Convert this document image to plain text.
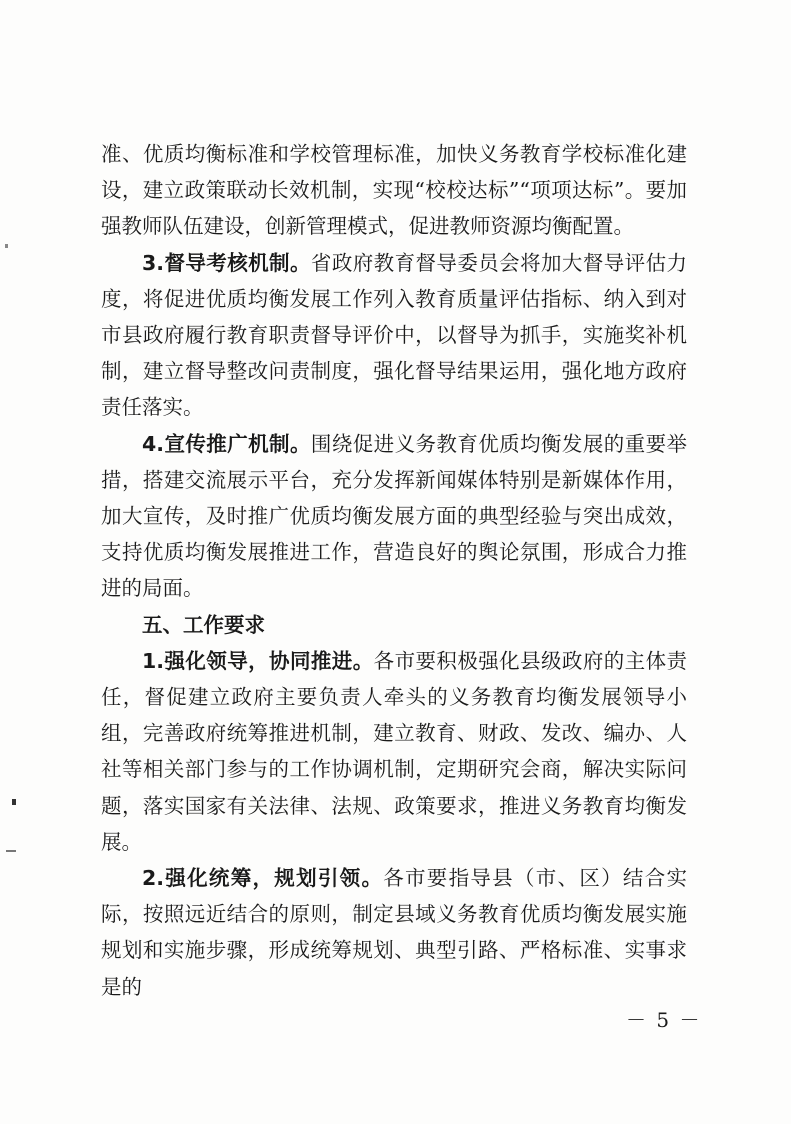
准、优质均衡标准和学校管理标准，加快义务教育学校标准化建设，建立政策联动长效机制，实现“校校达标”“项项达标”。要加强教师队伍建设，创新管理模式，促进教师资源均衡配置。

3.督导考核机制。省政府教育督导委员会将加大督导评估力度，将促进优质均衡发展工作列入教育质量评估指标、纳入到对市县政府履行教育职责督导评价中，以督导为抓手，实施奖补机制，建立督导整改问责制度，强化督导结果运用，强化地方政府责任落实。

4.宣传推广机制。围绕促进义务教育优质均衡发展的重要举措，搭建交流展示平台，充分发挥新闻媒体特别是新媒体作用，加大宣传，及时推广优质均衡发展方面的典型经验与突出成效，支持优质均衡发展推进工作，营造良好的舆论氛围，形成合力推进的局面。

五、工作要求

1.强化领导，协同推进。各市要积极强化县级政府的主体责任，督促建立政府主要负责人牵头的义务教育均衡发展领导小组，完善政府统筹推进机制，建立教育、财政、发改、编办、人社等相关部门参与的工作协调机制，定期研究会商，解决实际问题，落实国家有关法律、法规、政策要求，推进义务教育均衡发展。

2.强化统筹，规划引领。各市要指导县（市、区）结合实际，按照远近结合的原则，制定县域义务教育优质均衡发展实施规划和实施步骤，形成统筹规划、典型引路、严格标准、实事求是的

－ 5 －
